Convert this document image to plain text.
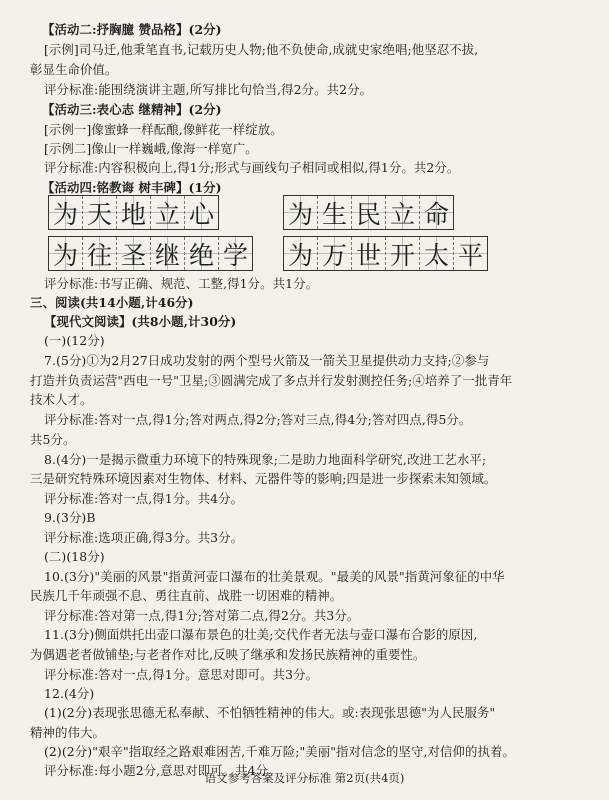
【活动二:抒胸臆 赞品格】(2分)
[示例]司马迁,他秉笔直书,记载历史人物;他不负使命,成就史家绝唱;他坚忍不拔,
彰显生命价值。
评分标准:能围绕演讲主题,所写排比句恰当,得2分。共2分。
【活动三:表心志 继精神】(2分)
[示例一]像蜜蜂一样酝酿,像鲜花一样绽放。
[示例二]像山一样巍峨,像海一样宽广。
评分标准:内容积极向上,得1分;形式与画线句子相同或相似,得1分。共2分。
【活动四:铭教诲 树丰碑】(1分)
评分标准:书写正确、规范、工整,得1分。共1分。
三、阅读(共14小题,计46分)
【现代文阅读】(共8小题,计30分)
(一)(12分)
7.(5分)①为2月27日成功发射的两个型号火箭及一箭关卫星提供动力支持;②参与
打造并负责运营"西电一号"卫星;③圆满完成了多点并行发射测控任务;④培养了一批青年
技术人才。
评分标准:答对一点,得1分;答对两点,得2分;答对三点,得4分;答对四点,得5分。
共5分。
8.(4分)一是揭示微重力环境下的特殊现象;二是助力地面科学研究,改进工艺水平;
三是研究特殊环境因素对生物体、材料、元器件等的影响;四是进一步探索未知领域。
评分标准:答对一点,得1分。共4分。
9.(3分)B
评分标准:选项正确,得3分。共3分。
(二)(18分)
10.(3分)"美丽的风景"指黄河壶口瀑布的壮美景观。"最美的风景"指黄河象征的中华
民族几千年顽强不息、勇往直前、战胜一切困难的精神。
评分标准:答对第一点,得1分;答对第二点,得2分。共3分。
11.(3分)侧面烘托出壶口瀑布景色的壮美;交代作者无法与壶口瀑布合影的原因,
为偶遇老者做铺垫;与老者作对比,反映了继承和发扬民族精神的重要性。
评分标准:答对一点,得1分。意思对即可。共3分。
12.(4分)
(1)(2分)表现张思德无私奉献、不怕牺牲精神的伟大。或:表现张思德"为人民服务"
精神的伟大。
(2)(2分)"艰辛"指取经之路艰难困苦,千难万险;"美丽"指对信念的坚守,对信仰的执着。
评分标准:每小题2分,意思对即可。共4分。
为 天 地 立 心	为 生 民 立 命
为 往 圣 继 绝 学 为 万 世 开 太 平
语文参考答案及评分标准 第2页(共4页)
